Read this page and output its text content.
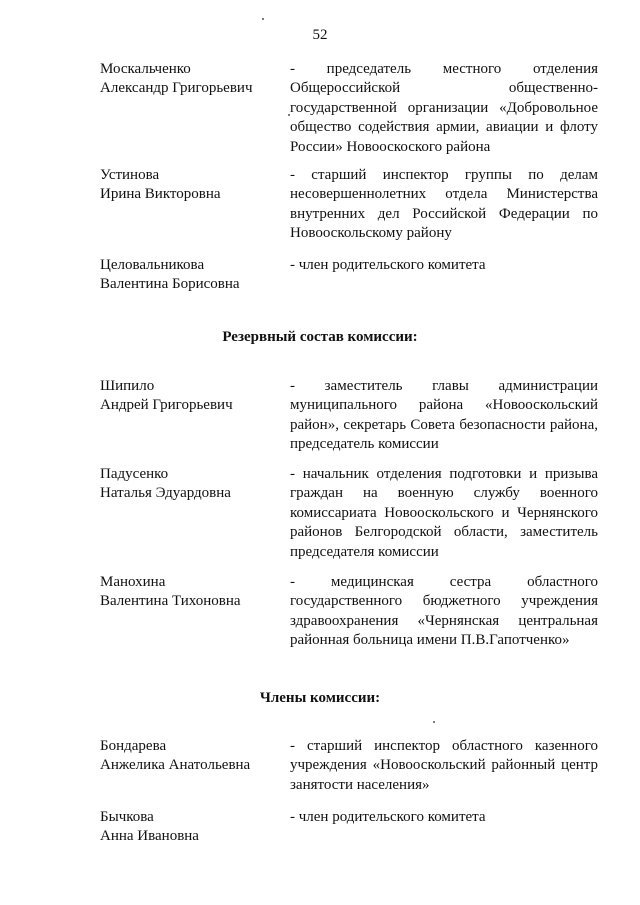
52
Москальченко
Александр Григорьевич
- председатель местного отделения Общероссийской общественно-государственной организации «Добровольное общество содействия армии, авиации и флоту России» Новооскоского района
Устинова
Ирина Викторовна
- старший инспектор группы по делам несовершеннолетних отдела Министерства внутренних дел Российской Федерации по Новооскольскому району
Целовальникова
Валентина Борисовна
- член родительского комитета
Резервный состав комиссии:
Шипило
Андрей Григорьевич
- заместитель главы администрации муниципального района «Новооскольский район», секретарь Совета безопасности района, председатель комиссии
Падусенко
Наталья Эдуардовна
- начальник отделения подготовки и призыва граждан на военную службу военного комиссариата Новооскольского и Чернянского районов Белгородской области, заместитель председателя комиссии
Манохина
Валентина Тихоновна
- медицинская сестра областного государственного бюджетного учреждения здравоохранения «Чернянская центральная районная больница имени П.В.Гапотченко»
Члены комиссии:
Бондарева
Анжелика Анатольевна
- старший инспектор областного казенного учреждения «Новооскольский районный центр занятости населения»
Бычкова
Анна Ивановна
- член родительского комитета
